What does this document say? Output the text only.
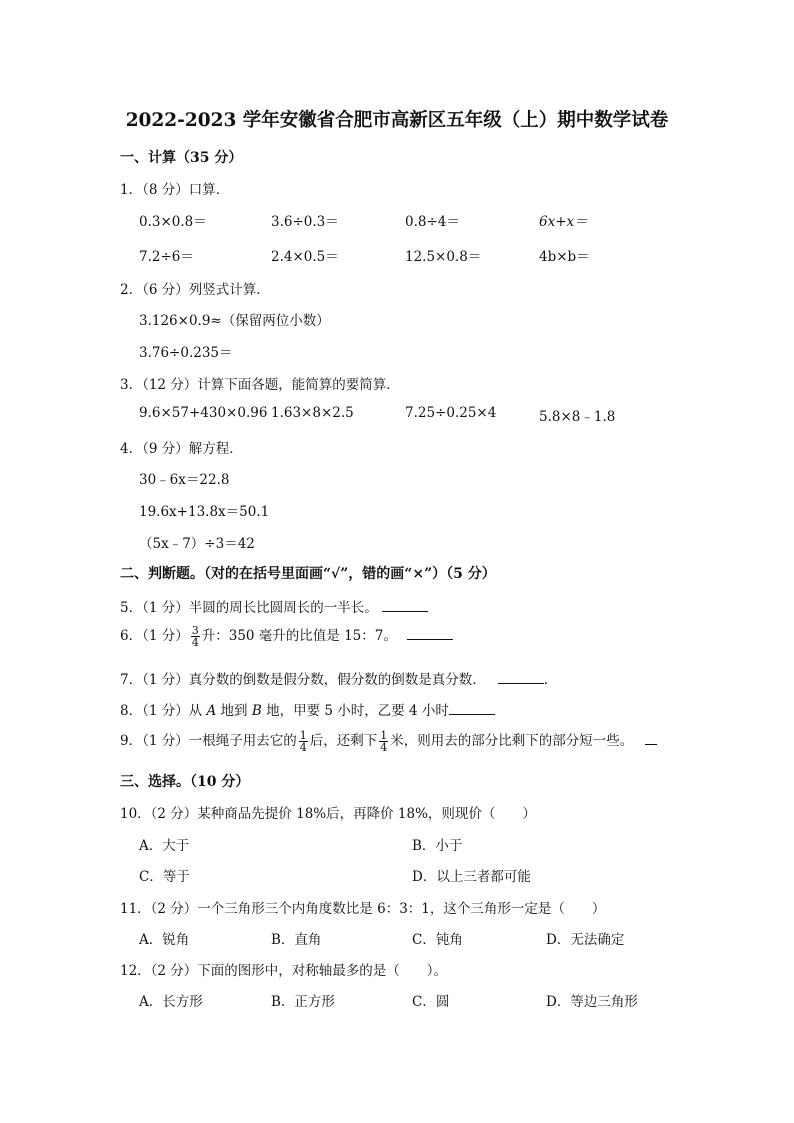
2022-2023 学年安徽省合肥市高新区五年级（上）期中数学试卷
一、计算（35 分）
1．（8 分）口算．
0.3×0.8＝	3.6÷0.3＝	0.8÷4＝	6x+x＝
7.2÷6＝	2.4×0.5＝	12.5×0.8＝	4b×b＝
2．（6 分）列竖式计算．
3.126×0.9≈（保留两位小数）
3.76÷0.235＝
3．（12 分）计算下面各题，能简算的要简算．
9.6×57+430×0.96 1.63×8×2.5	7.25÷0.25×4	5.8×8﹣1.8
4．（9 分）解方程．
30﹣6x＝22.8
19.6x+13.8x＝50.1
（5x﹣7）÷3＝42
二、判断题。（对的在括号里面画“√”，错的画“×”）（5 分）
5．（1 分）半圆的周长比圆周长的一半长。
6．（1 分） $\frac{3}{4}$ 升：350 毫升的比值是 15：7。
7．（1 分）真分数的倒数是假分数，假分数的倒数是真分数．	．
8．（1 分）从 A 地到 B 地，甲要 5 小时，乙要 4 小时
9．（1 分）一根绳子用去它的 $\frac{1}{4}$ 后，还剩下 $\frac{1}{4}$ 米，则用去的部分比剩下的部分短一些。
三、选择。（10 分）
10．（2 分）某种商品先提价 18%后，再降价 18%，则现价（　　）
A．大于	B．小于
C．等于	D．以上三者都可能
11．（2 分）一个三角形三个内角度数比是 6：3：1，这个三角形一定是（　　）
A．锐角	B．直角	C．钝角	D．无法确定
12．（2 分）下面的图形中，对称轴最多的是（　　）。
A．长方形	B．正方形	C．圆	D．等边三角形
